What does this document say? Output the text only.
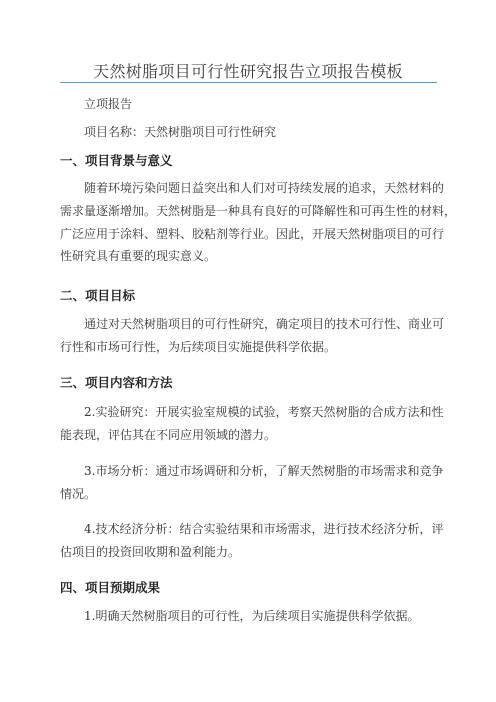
天然树脂项目可行性研究报告立项报告模板
立项报告
项目名称：天然树脂项目可行性研究
一、项目背景与意义
随着环境污染问题日益突出和人们对可持续发展的追求，天然材料的
需求量逐渐增加。天然树脂是一种具有良好的可降解性和可再生性的材料，
广泛应用于涂料、塑料、胶粘剂等行业。因此，开展天然树脂项目的可行
性研究具有重要的现实意义。
二、项目目标
通过对天然树脂项目的可行性研究，确定项目的技术可行性、商业可
行性和市场可行性，为后续项目实施提供科学依据。
三、项目内容和方法
2.实验研究：开展实验室规模的试验，考察天然树脂的合成方法和性
能表现，评估其在不同应用领域的潜力。
3.市场分析：通过市场调研和分析，了解天然树脂的市场需求和竞争
情况。
4.技术经济分析：结合实验结果和市场需求，进行技术经济分析，评
估项目的投资回收期和盈利能力。
四、项目预期成果
1.明确天然树脂项目的可行性，为后续项目实施提供科学依据。
